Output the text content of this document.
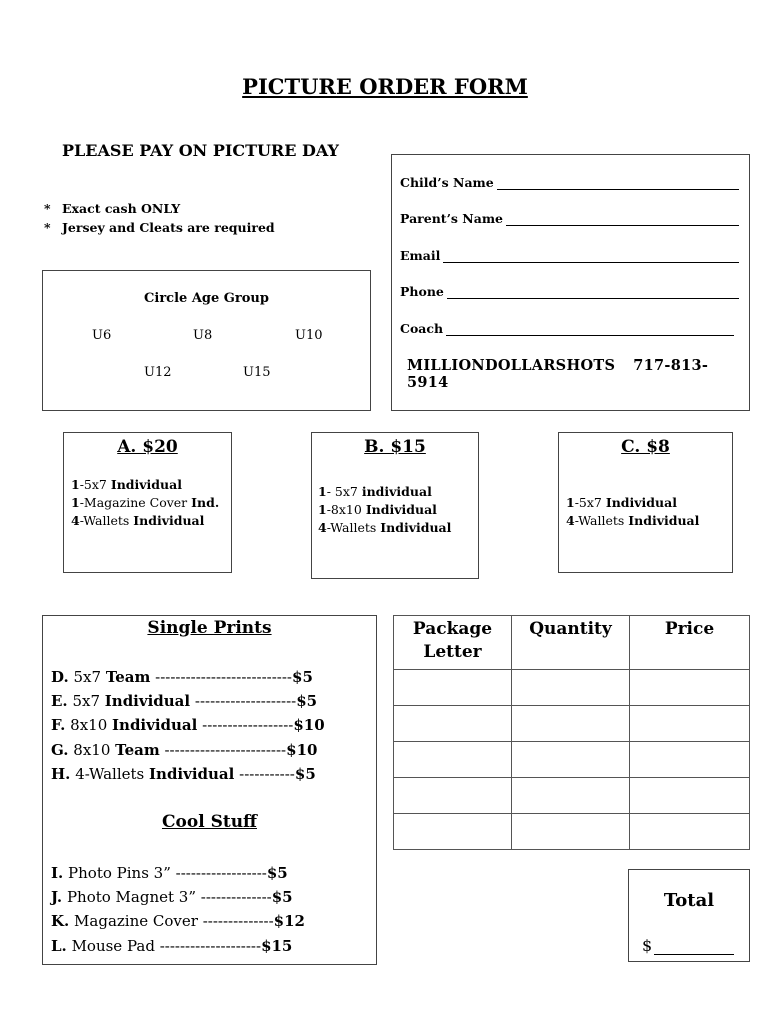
PICTURE ORDER FORM
PLEASE PAY ON PICTURE DAY
* Exact cash ONLY
* Jersey and Cleats are required
Child’s Name
Parent’s Name
Email
Phone
Coach
MILLIONDOLLARSHOTS 717-813-5914
Circle Age Group
U6	U8	U10
U12	U15
A. $20
1-5x7 Individual
1-Magazine Cover Ind.
4-Wallets Individual
B. $15
1- 5x7 individual
1-8x10 Individual
4-Wallets Individual
C. $8
1-5x7 Individual
4-Wallets Individual
Single Prints
D. 5x7 Team ---------------------------$5
E. 5x7 Individual --------------------$5
F. 8x10 Individual ------------------$10
G. 8x10 Team ------------------------$10
H. 4-Wallets Individual -----------$5
Cool Stuff
I. Photo Pins 3” ------------------$5
J. Photo Magnet 3” --------------$5
K. Magazine Cover --------------$12
L. Mouse Pad --------------------$15
Package Letter	Quantity	Price

Total
$
